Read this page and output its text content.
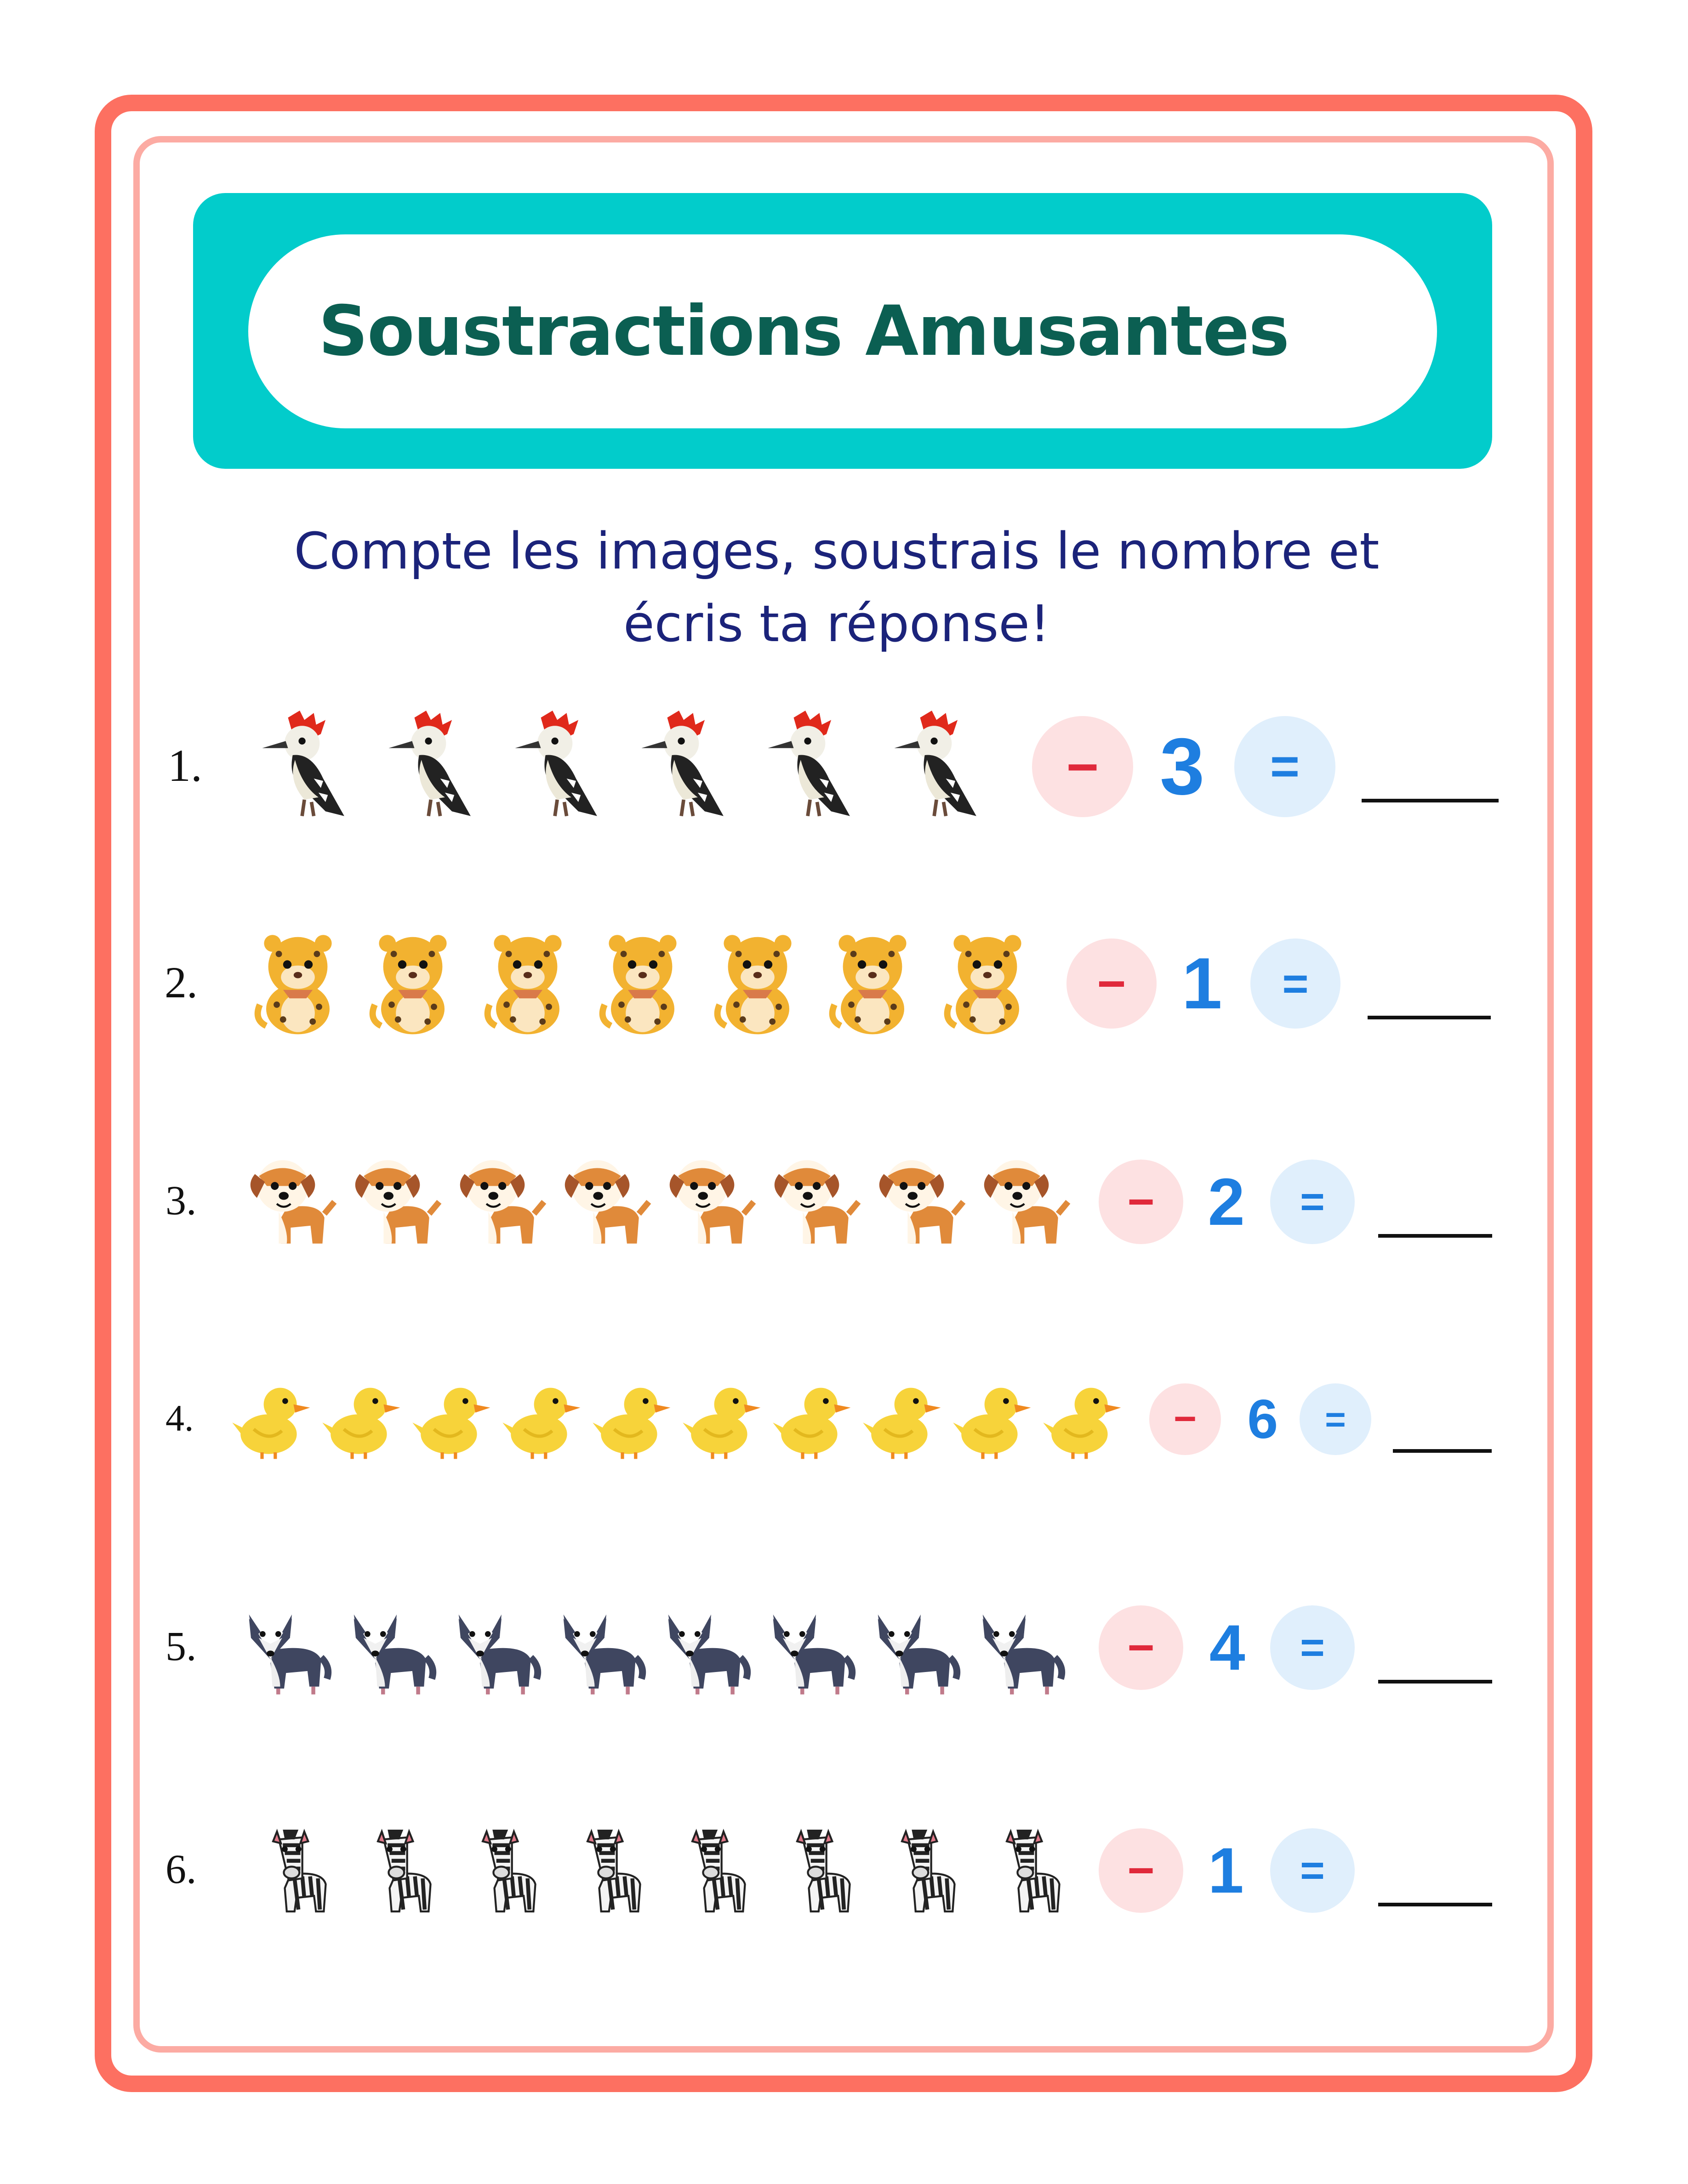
Soustractions Amusantes
Compte les images, soustrais le nombre et
écris ta réponse!
1.	− 3 =
2.	− 1 =
3.	− 2 =
4.	− 6 =
5.	− 4 =
6.	− 1 =
